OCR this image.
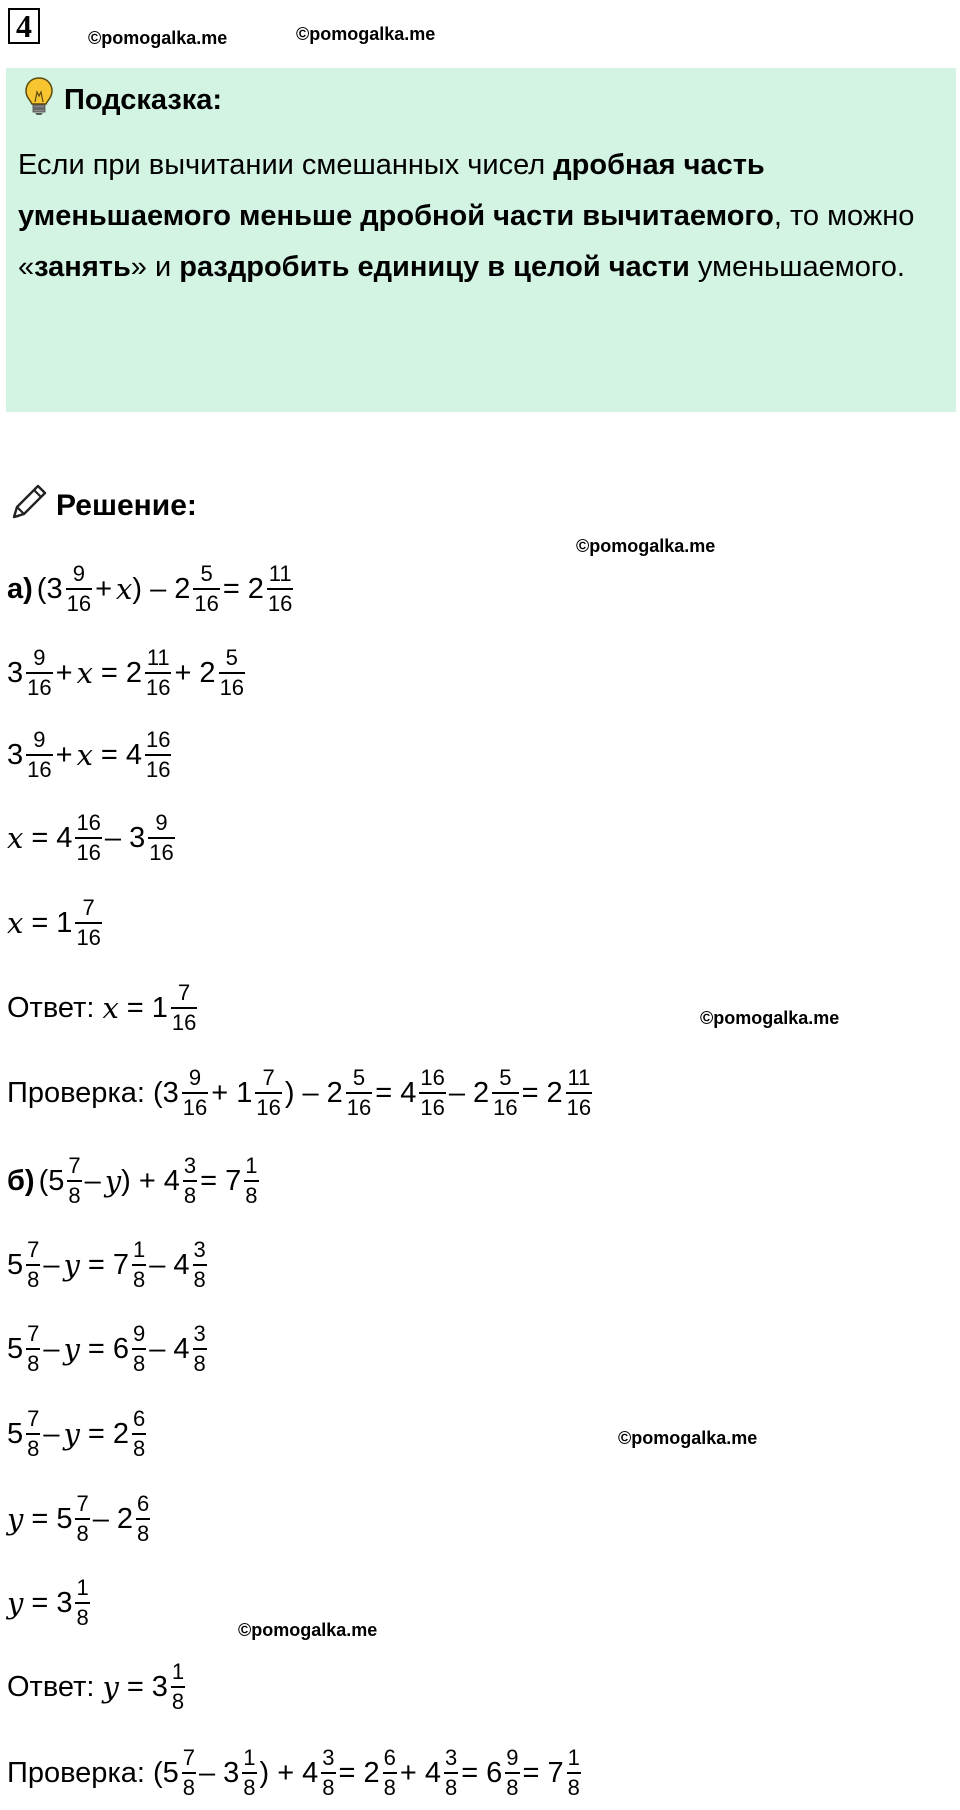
4	©pomogalka.me	©pomogalka.me
Подсказка:
Если при вычитании смешанных чисел дробная часть уменьшаемого меньше дробной части вычитаемого, то можно «занять» и раздробить единицу в целой части уменьшаемого.
Решение:
©pomogalka.me
а) ( 3 9
16 + x ) – 2 5
16 = 2 11
16
3 9
16 + x = 2 11
16 + 2 5
16
3 9
16 + x = 4 16
16
x = 4 16
16 – 3 9
16
x = 1 7
16
Ответ: x = 1 7
16	©pomogalka.me
Проверка: ( 3 9
16 + 1 7
16 ) – 2 5
16 = 4 16
16 – 2 5
16 = 2 11
16
б) ( 5 7
8 – y ) + 4 3
8 = 7 1
8
5 7
8 – y = 7 1
8 – 4 3
8
5 7
8 – y = 6 9
8 – 4 3
8
5 7
8 – y = 2 6
8	©pomogalka.me
y = 5 7
8 – 2 6
8
y = 3 1
8
©pomogalka.me
Ответ: y = 3 1
8
Проверка: ( 5 7
8 – 3 1
8 ) + 4 3
8 = 2 6
8 + 4 3
8 = 6 9
8 = 7 1
8
